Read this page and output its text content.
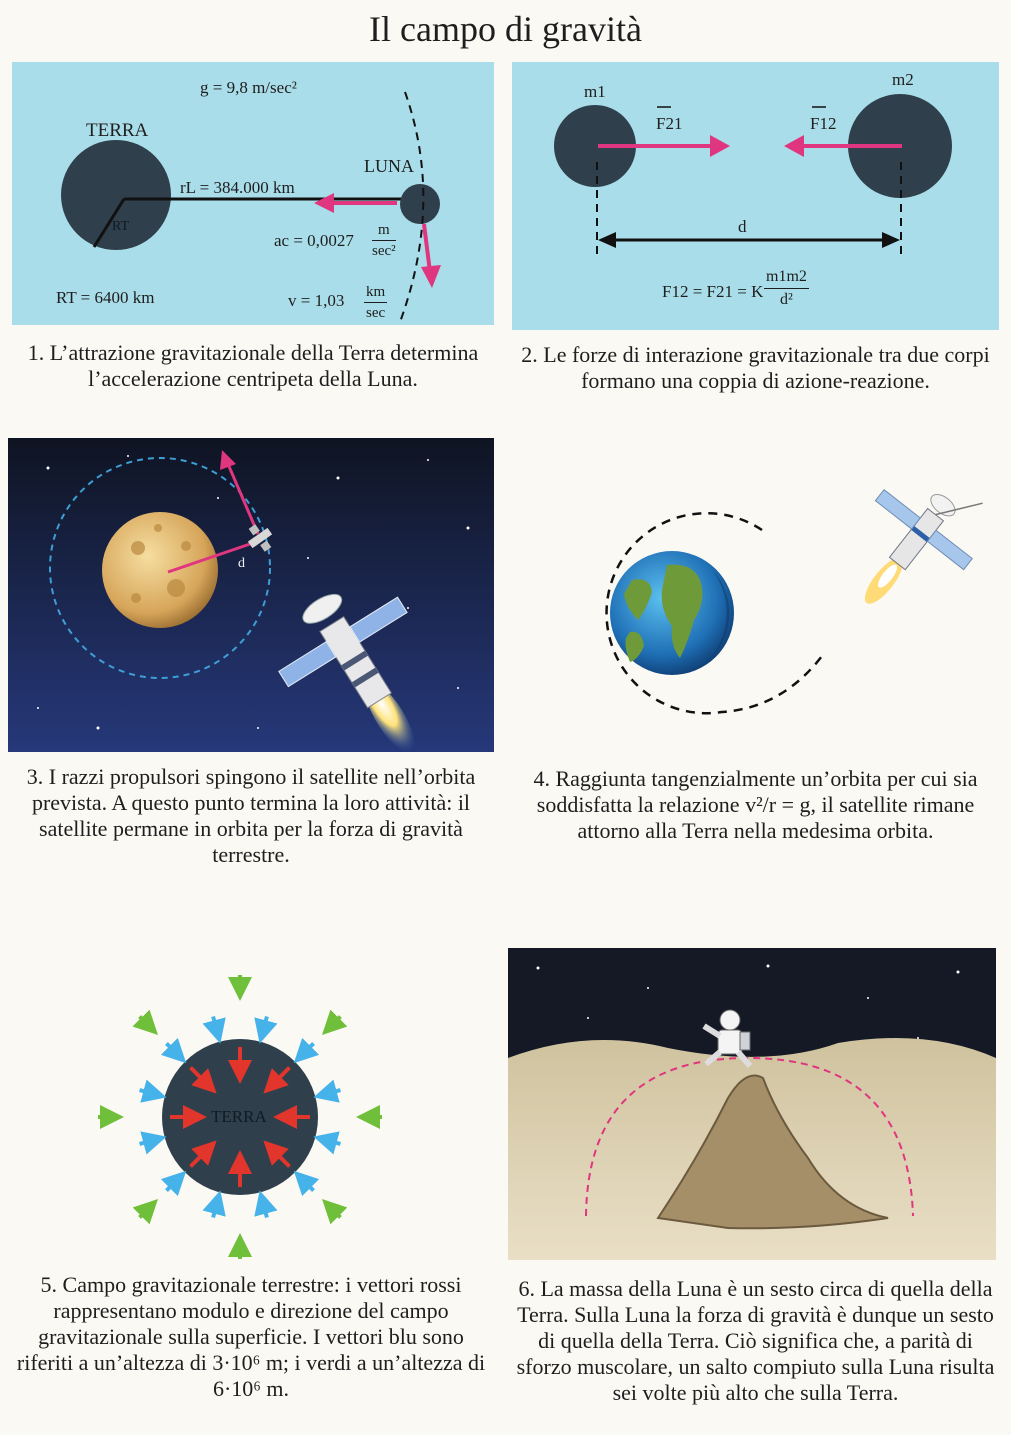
Il campo di gravità
g = 9,8 m/sec²
TERRA
LUNA
rL = 384.000 km
RT
ac = 0,0027
m
sec²
RT = 6400 km	v = 1,03 km
sec
1. L’attrazione gravitazionale della Terra determina l’accelerazione centripeta della Luna.
m1
m2
F21	F12
d
F12 = F21 = K $\frac{m1m2}{\text{d²}}$
2. Le forze di interazione gravitazionale tra due corpi formano una coppia di azione-reazione.
d
3. I razzi propulsori spingono il satellite nell’orbita prevista. A questo punto termina la loro attività: il satellite permane in orbita per la forza di gravità terrestre.
4. Raggiunta tangenzialmente un’orbita per cui sia soddisfatta la relazione v²/r = g, il satellite rimane attorno alla Terra nella medesima orbita.
TERRA
5. Campo gravitazionale terrestre: i vettori rossi rappresentano modulo e direzione del campo gravitazionale sulla superficie. I vettori blu sono riferiti a un’altezza di 3·10⁶ m; i verdi a un’altezza di 6·10⁶ m.
6. La massa della Luna è un sesto circa di quella della Terra. Sulla Luna la forza di gravità è dunque un sesto di quella della Terra. Ciò significa che, a parità di sforzo muscolare, un salto compiuto sulla Luna risulta sei volte più alto che sulla Terra.
